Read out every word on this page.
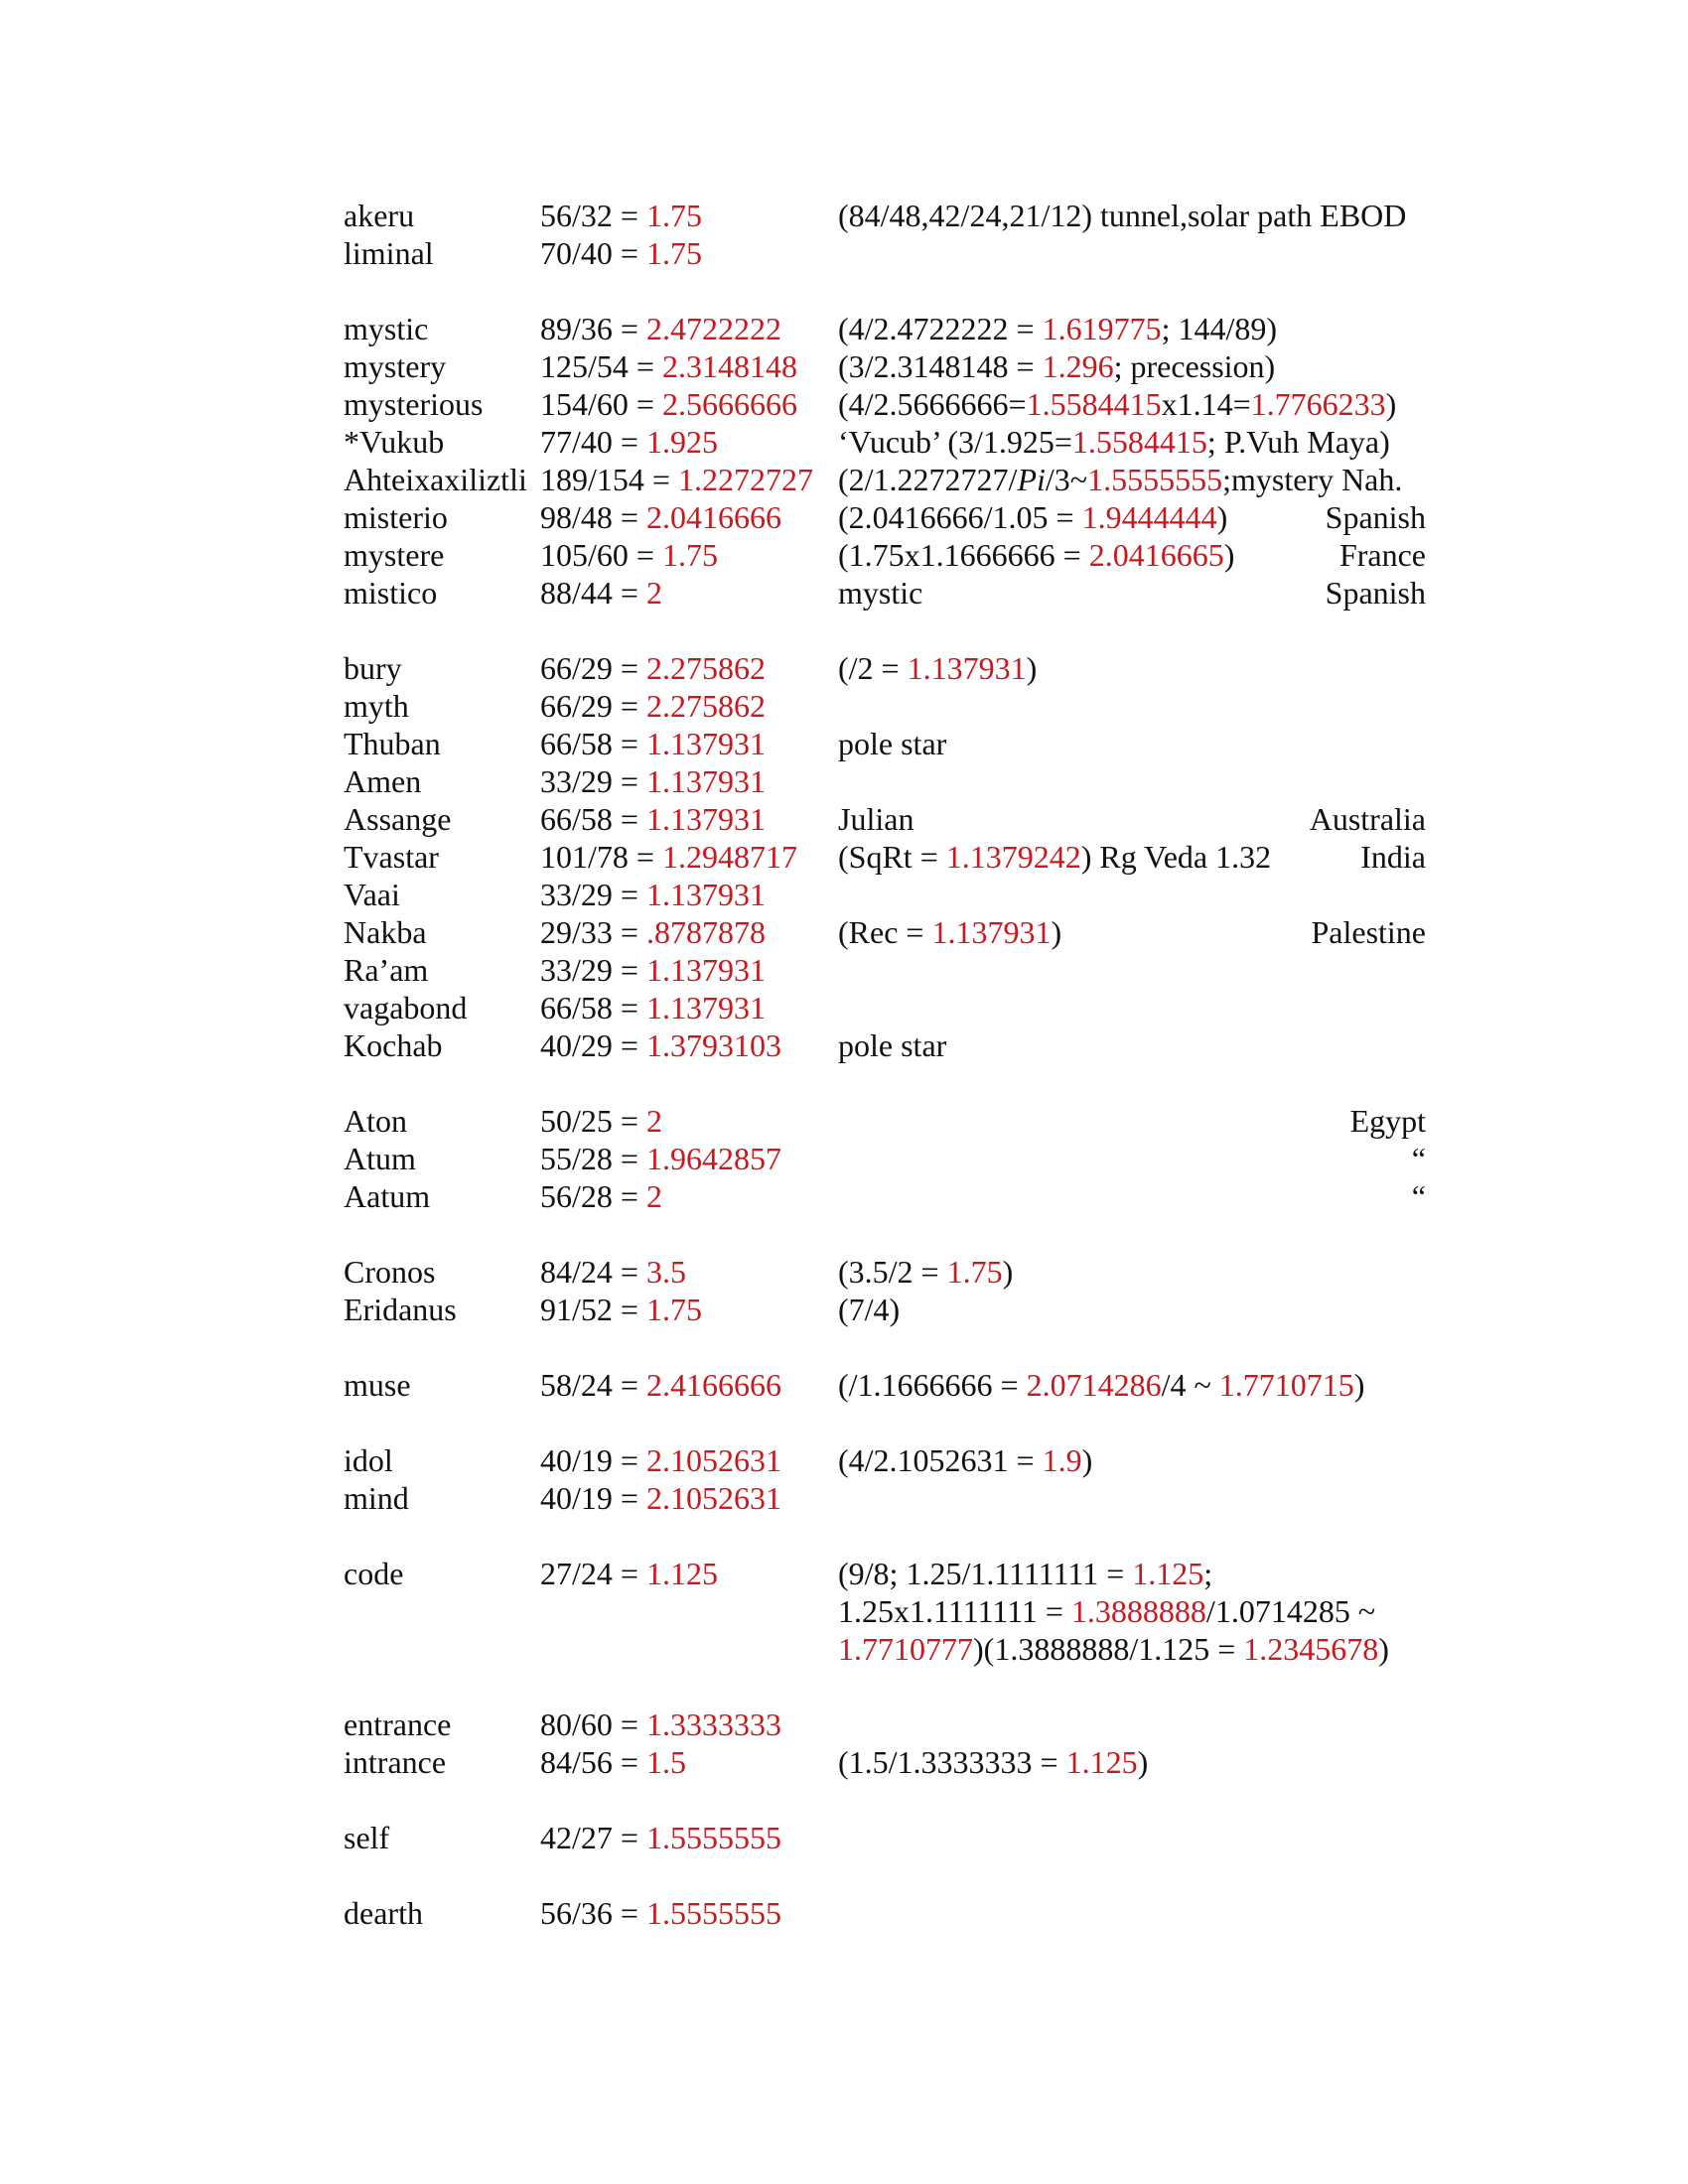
akeru	56/32 = 1.75	(84/48,42/24,21/12) tunnel,solar path EBOD
liminal	70/40 = 1.75
mystic	89/36 = 2.4722222 (4/2.4722222 = 1.619775; 144/89)
mystery	125/54 = 2.3148148 (3/2.3148148 = 1.296; precession)
mysterious 154/60 = 2.5666666 (4/2.5666666=1.5584415x1.14=1.7766233)
*Vukub	77/40 = 1.925	‘Vucub’ (3/1.925=1.5584415; P.Vuh Maya)
Ahteixaxiliztli 189/154 = 1.2272727 (2/1.2272727/Pi/3~1.5555555;mystery Nah.
misterio	98/48 = 2.0416666 (2.0416666/1.05 = 1.9444444)	Spanish
mystere	105/60 = 1.75	(1.75x1.1666666 = 2.0416665)	France
mistico	88/44 = 2	mystic	Spanish
bury	66/29 = 2.275862 (/2 = 1.137931)
myth	66/29 = 2.275862
Thuban	66/58 = 1.137931 pole star
Amen	33/29 = 1.137931
Assange	66/58 = 1.137931 Julian	Australia
Tvastar	101/78 = 1.2948717 (SqRt = 1.1379242) Rg Veda 1.32	India
Vaai	33/29 = 1.137931
Nakba	29/33 = .8787878 (Rec = 1.137931)	Palestine
Ra’am	33/29 = 1.137931
vagabond 66/58 = 1.137931
Kochab	40/29 = 1.3793103 pole star
Aton	50/25 = 2	Egypt
Atum	55/28 = 1.9642857	“
Aatum	56/28 = 2	“
Cronos	84/24 = 3.5	(3.5/2 = 1.75)
Eridanus	91/52 = 1.75	(7/4)
muse	58/24 = 2.4166666 (/1.1666666 = 2.0714286/4 ~ 1.7710715)
idol	40/19 = 2.1052631 (4/2.1052631 = 1.9)
mind	40/19 = 2.1052631
code	27/24 = 1.125	(9/8; 1.25/1.1111111 = 1.125;
1.25x1.1111111 = 1.3888888/1.0714285 ~
1.7710777)(1.3888888/1.125 = 1.2345678)
entrance	80/60 = 1.3333333
intrance	84/56 = 1.5	(1.5/1.3333333 = 1.125)
self	42/27 = 1.5555555
dearth	56/36 = 1.5555555
